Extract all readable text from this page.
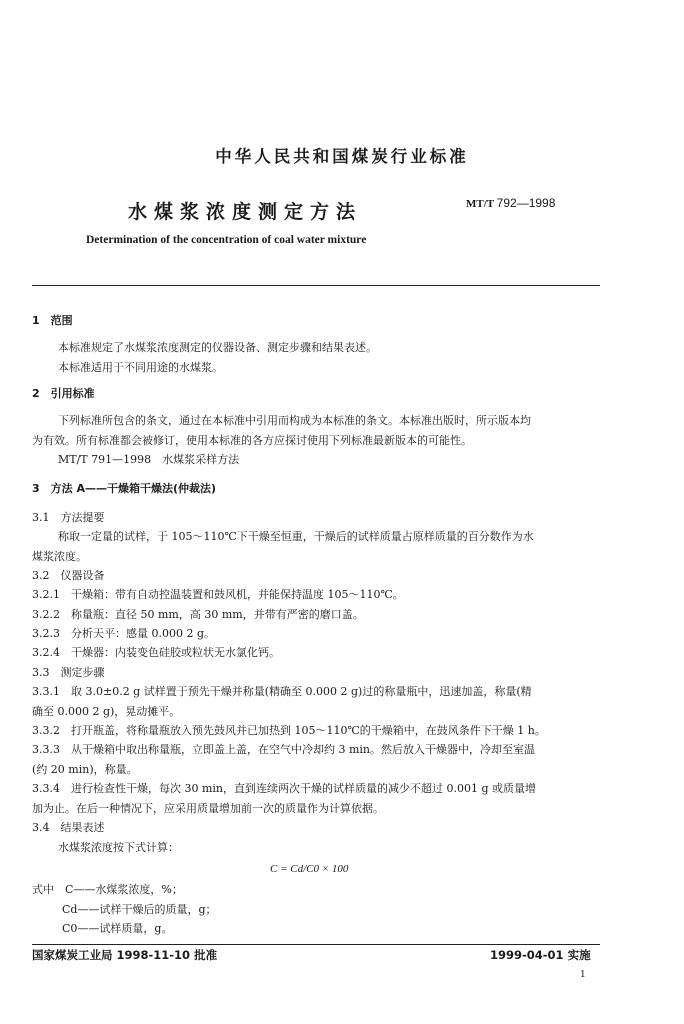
中华人民共和国煤炭行业标准
水煤浆浓度测定方法	MT/T 792—1998
Determination of the concentration of coal water mixture
1　范围
本标准规定了水煤浆浓度测定的仪器设备、测定步骤和结果表述。
本标准适用于不同用途的水煤浆。
2　引用标准
下列标准所包含的条文，通过在本标准中引用而构成为本标准的条文。本标准出版时，所示版本均
为有效。所有标准都会被修订，使用本标准的各方应探讨使用下列标准最新版本的可能性。
MT/T 791—1998　水煤浆采样方法
3　方法 A——干燥箱干燥法(仲裁法)
3.1　方法提要
称取一定量的试样，于 105～110℃下干燥至恒重，干燥后的试样质量占原样质量的百分数作为水
煤浆浓度。
3.2　仪器设备
3.2.1　干燥箱：带有自动控温装置和鼓风机，并能保持温度 105～110℃。
3.2.2　称量瓶：直径 50 mm，高 30 mm，并带有严密的磨口盖。
3.2.3　分析天平：感量 0.000 2 g。
3.2.4　干燥器：内装变色硅胶或粒状无水氯化钙。
3.3　测定步骤
3.3.1　取 3.0±0.2 g 试样置于预先干燥并称量(精确至 0.000 2 g)过的称量瓶中，迅速加盖，称量(精
确至 0.000 2 g)，晃动摊平。
3.3.2　打开瓶盖，将称量瓶放入预先鼓风并已加热到 105～110℃的干燥箱中，在鼓风条件下干燥 1 h。
3.3.3　从干燥箱中取出称量瓶，立即盖上盖，在空气中冷却约 3 min。然后放入干燥器中，冷却至室温
(约 20 min)，称量。
3.3.4　进行检查性干燥，每次 30 min，直到连续两次干燥的试样质量的减少不超过 0.001 g 或质量增
加为止。在后一种情况下，应采用质量增加前一次的质量作为计算依据。
3.4　结果表述
水煤浆浓度按下式计算：
C = Cd/C0 × 100
式中　C——水煤浆浓度，%；
Cd——试样干燥后的质量，g；
C0——试样质量，g。
国家煤炭工业局 1998-11-10 批准	1999-04-01 实施
1
